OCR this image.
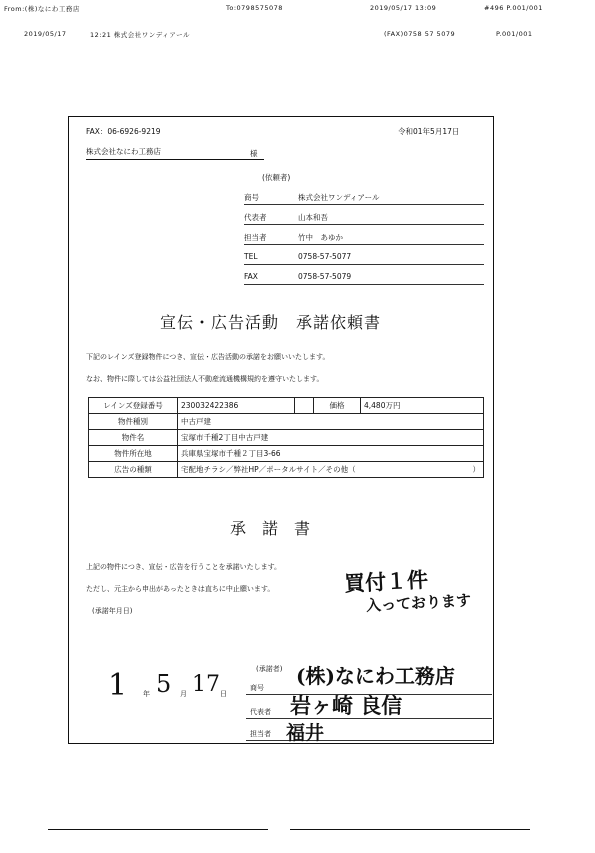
From:(株)なにわ工務店	To:0798575078	2019/05/17 13:09	#496 P.001/001
2019/05/17	12:21 株式会社ワンディアール	(FAX)0758 57 5079	P.001/001
FAX：06-6926-9219	令和01年5月17日
株式会社なにわ工務店	様
(依頼者)
商号	株式会社ワンディアール
代表者	山本和吾
担当者	竹中　あゆか
TEL	0758-57-5077
FAX	0758-57-5079
宣伝・広告活動　承諾依頼書
下記のレインズ登録物件につき、宣伝・広告活動の承諾をお願いいたします。
なお、物件に際しては公益社団法人不動産流通機構規約を遵守いたします。
レインズ登録番号	230032422386		価格	4,480万円
物件種別	中古戸建			
物件名	宝塚市千種2丁目中古戸建			
物件所在地	兵庫県宝塚市千種２丁目3-66			
広告の種類	宅配地チラシ／弊社HP／ポータルサイト／その他（ ）			
承　諾　書
上記の物件につき、宣伝・広告を行うことを承諾いたします。
ただし、元主から申出があったときは直ちに中止願います。
(承諾年月日)
買付１件
入っております
1 年 5 月 17 日
(承諾者)
商号 (株)なにわ工務店
代表者 岩ヶ崎 良信
担当者 福井
